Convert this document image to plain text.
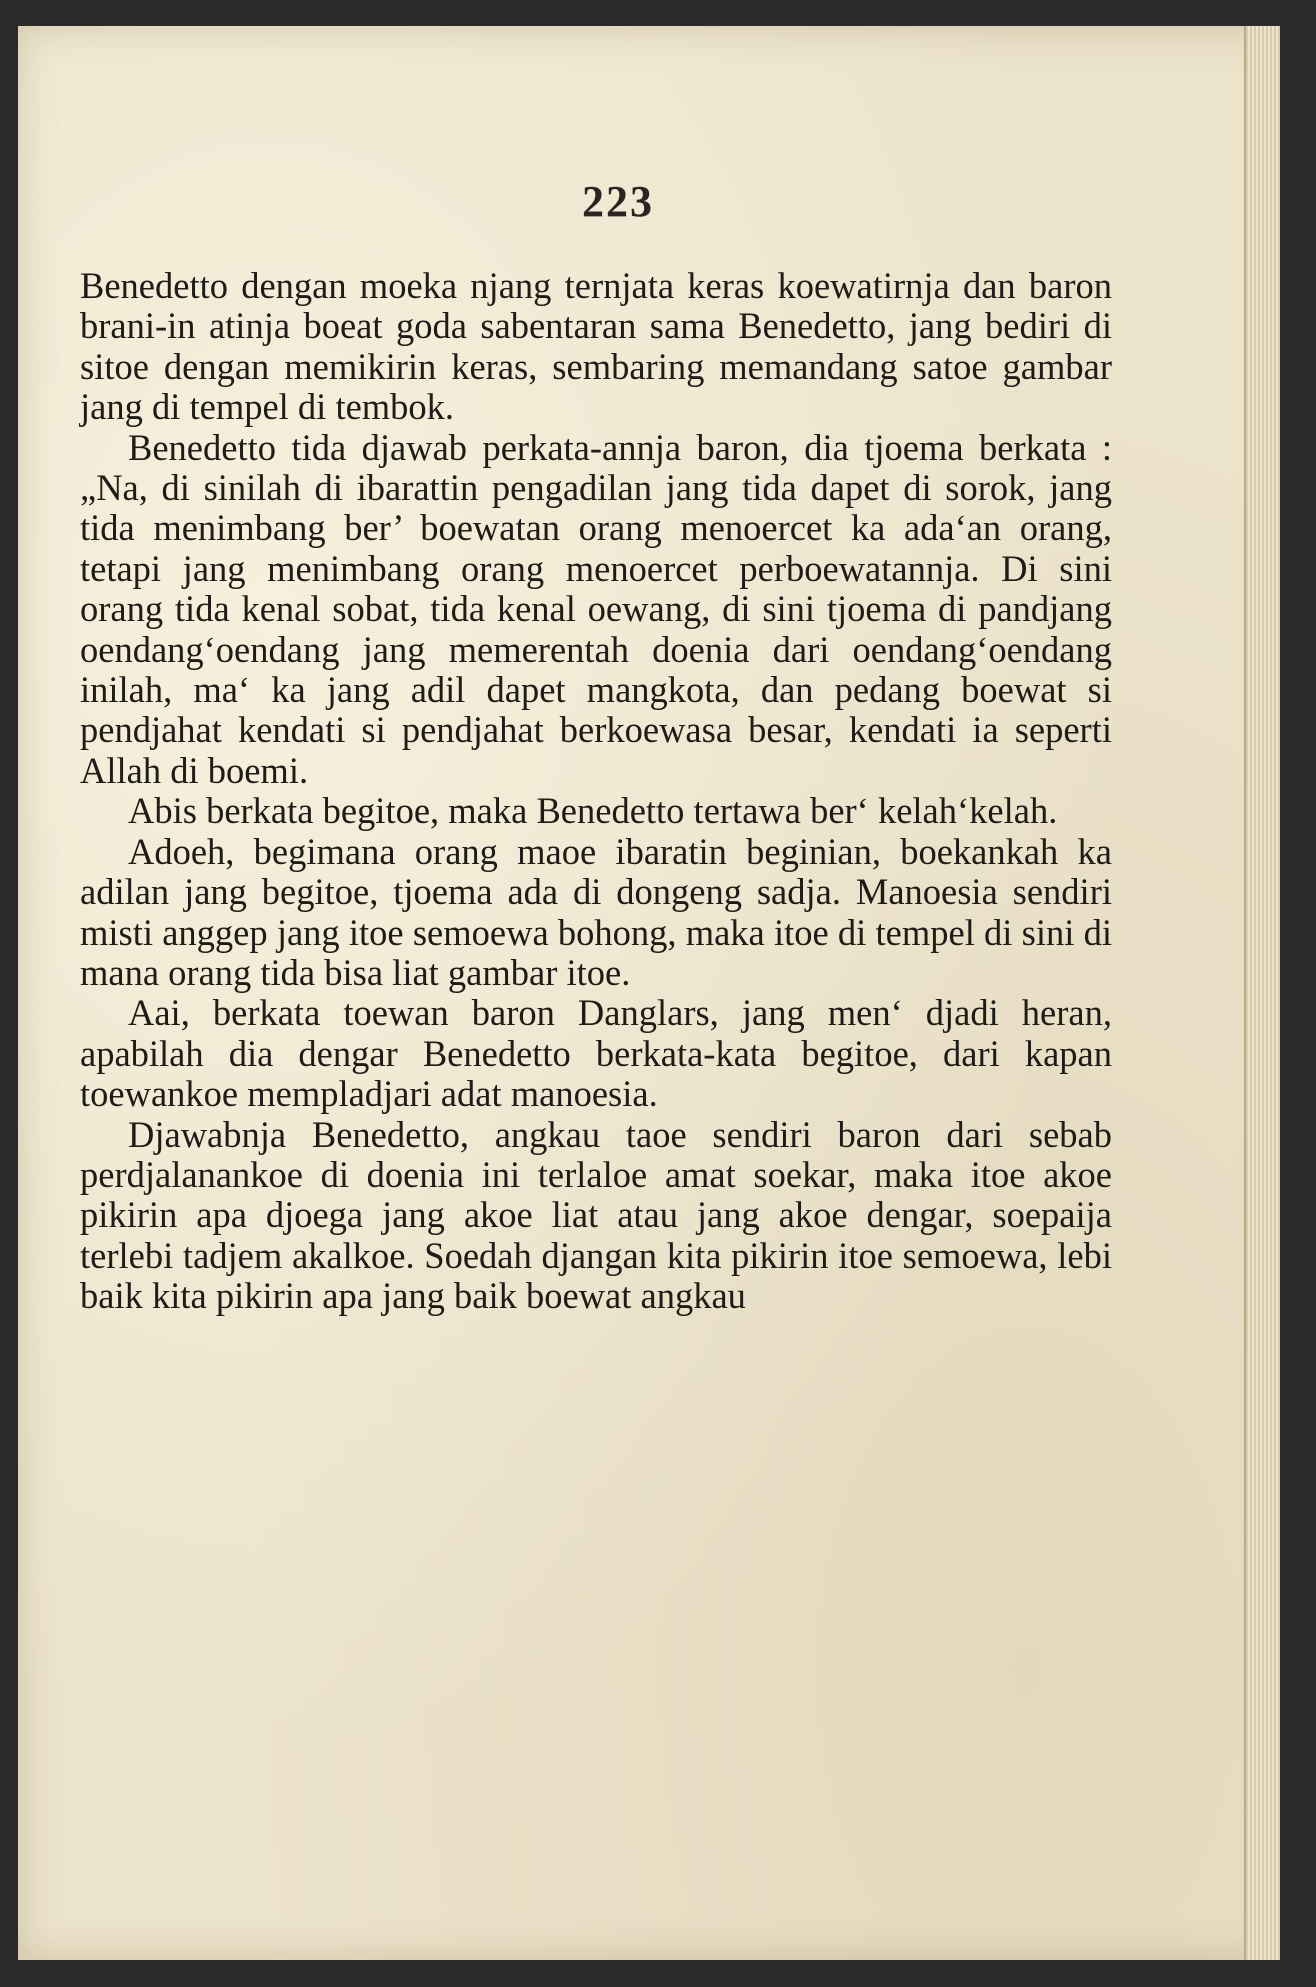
223

Benedetto dengan moeka njang ternjata keras koewatirnja dan baron brani-in atinja boeat goda sabentaran sama Benedetto, jang bediri di sitoe dengan memikirin keras, sembaring memandang satoe gambar jang di tempel di tembok.

Benedetto tida djawab perkata-annja baron, dia tjoema berkata : „Na, di sinilah di ibarattin pengadilan jang tida dapet di sorok, jang tida menimbang ber’ boewatan orang menoercet ka ada‘an orang, tetapi jang menimbang orang menoercet perboewatannja. Di sini orang tida kenal sobat, tida kenal oewang, di sini tjoema di pandjang oendang‘oendang jang memerentah doenia dari oendang‘oendang inilah, ma‘ ka jang adil dapet mangkota, dan pedang boewat si pendjahat kendati si pendjahat berkoewasa besar, kendati ia seperti Allah di boemi.

Abis berkata begitoe, maka Benedetto tertawa ber‘ kelah‘kelah.

Adoeh, begimana orang maoe ibaratin beginian, boekankah ka adilan jang begitoe, tjoema ada di dongeng sadja. Manoesia sendiri misti anggep jang itoe semoewa bohong, maka itoe di tempel di sini di mana orang tida bisa liat gambar itoe.

Aai, berkata toewan baron Danglars, jang men‘ djadi heran, apabilah dia dengar Benedetto berkata-kata begitoe, dari kapan toewankoe mempladjari adat manoesia.

Djawabnja Benedetto, angkau taoe sendiri baron dari sebab perdjalanankoe di doenia ini terlaloe amat soekar, maka itoe akoe pikirin apa djoega jang akoe liat atau jang akoe dengar, soepaija terlebi tadjem akalkoe. Soedah djangan kita pikirin itoe semoewa, lebi baik kita pikirin apa jang baik boewat angkau
